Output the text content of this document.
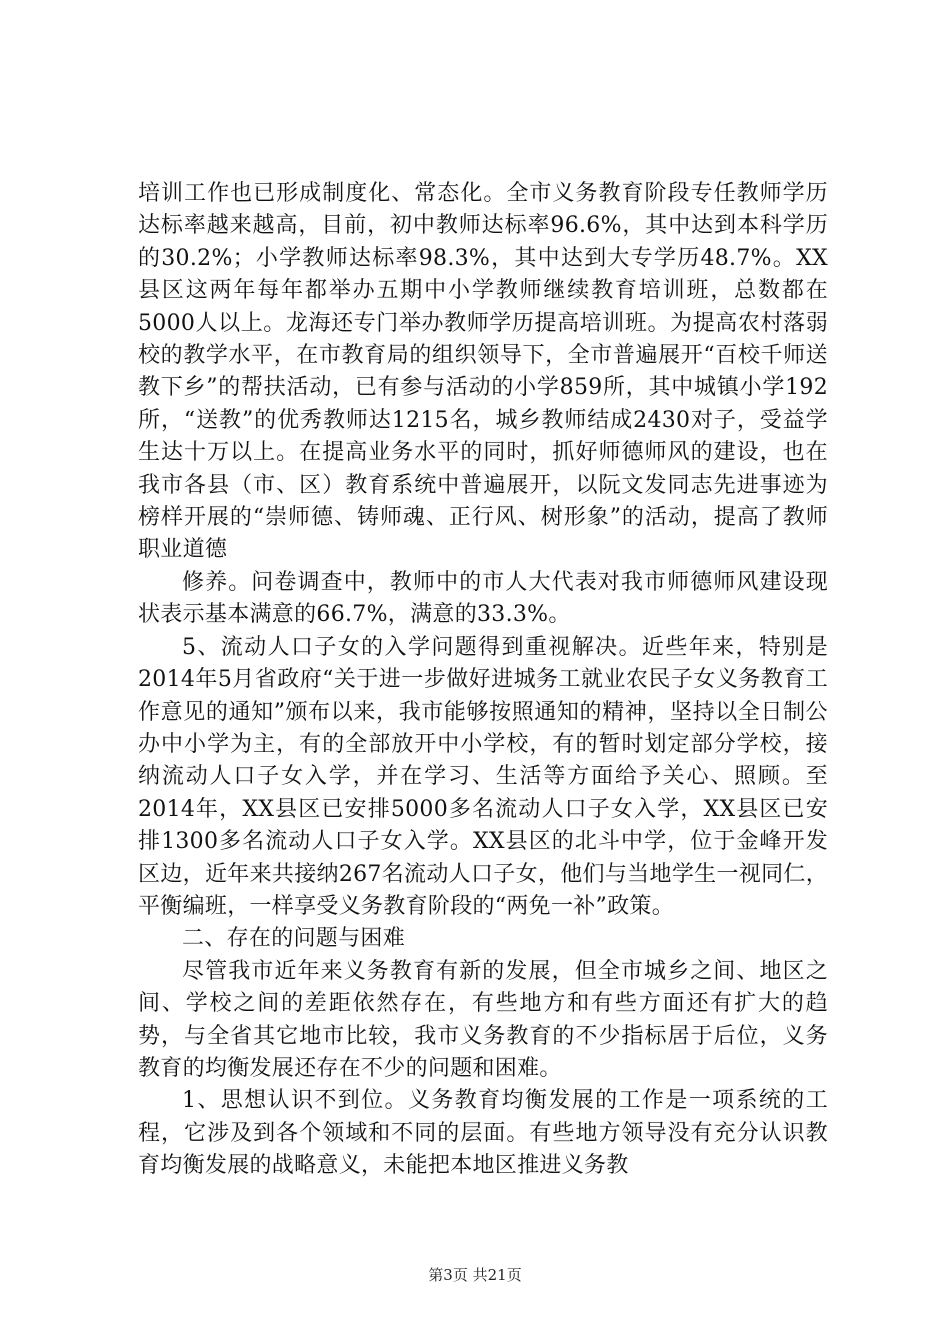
培训工作也已形成制度化、常态化。全市义务教育阶段专任教师学历达标率越来越高，目前，初中教师达标率96.6%，其中达到本科学历的30.2%；小学教师达标率98.3%，其中达到大专学历48.7%。XX县区这两年每年都举办五期中小学教师继续教育培训班，总数都在5000人以上。龙海还专门举办教师学历提高培训班。为提高农村落弱校的教学水平，在市教育局的组织领导下，全市普遍展开“百校千师送教下乡”的帮扶活动，已有参与活动的小学859所，其中城镇小学192所，“送教”的优秀教师达1215名，城乡教师结成2430对子，受益学生达十万以上。在提高业务水平的同时，抓好师德师风的建设，也在我市各县（市、区）教育系统中普遍展开，以阮文发同志先进事迹为榜样开展的“崇师德、铸师魂、正行风、树形象”的活动，提高了教师职业道德

修养。问卷调查中，教师中的市人大代表对我市师德师风建设现状表示基本满意的66.7%，满意的33.3%。

5、流动人口子女的入学问题得到重视解决。近些年来，特别是2014年5月省政府“关于进一步做好进城务工就业农民子女义务教育工作意见的通知”颁布以来，我市能够按照通知的精神，坚持以全日制公办中小学为主，有的全部放开中小学校，有的暂时划定部分学校，接纳流动人口子女入学，并在学习、生活等方面给予关心、照顾。至2014年，XX县区已安排5000多名流动人口子女入学，XX县区已安排1300多名流动人口子女入学。XX县区的北斗中学，位于金峰开发区边，近年来共接纳267名流动人口子女，他们与当地学生一视同仁，平衡编班，一样享受义务教育阶段的“两免一补”政策。

二、存在的问题与困难

尽管我市近年来义务教育有新的发展，但全市城乡之间、地区之间、学校之间的差距依然存在，有些地方和有些方面还有扩大的趋势，与全省其它地市比较，我市义务教育的不少指标居于后位，义务教育的均衡发展还存在不少的问题和困难。

1、思想认识不到位。义务教育均衡发展的工作是一项系统的工程，它涉及到各个领域和不同的层面。有些地方领导没有充分认识教育均衡发展的战略意义，未能把本地区推进义务教

第3页 共21页
